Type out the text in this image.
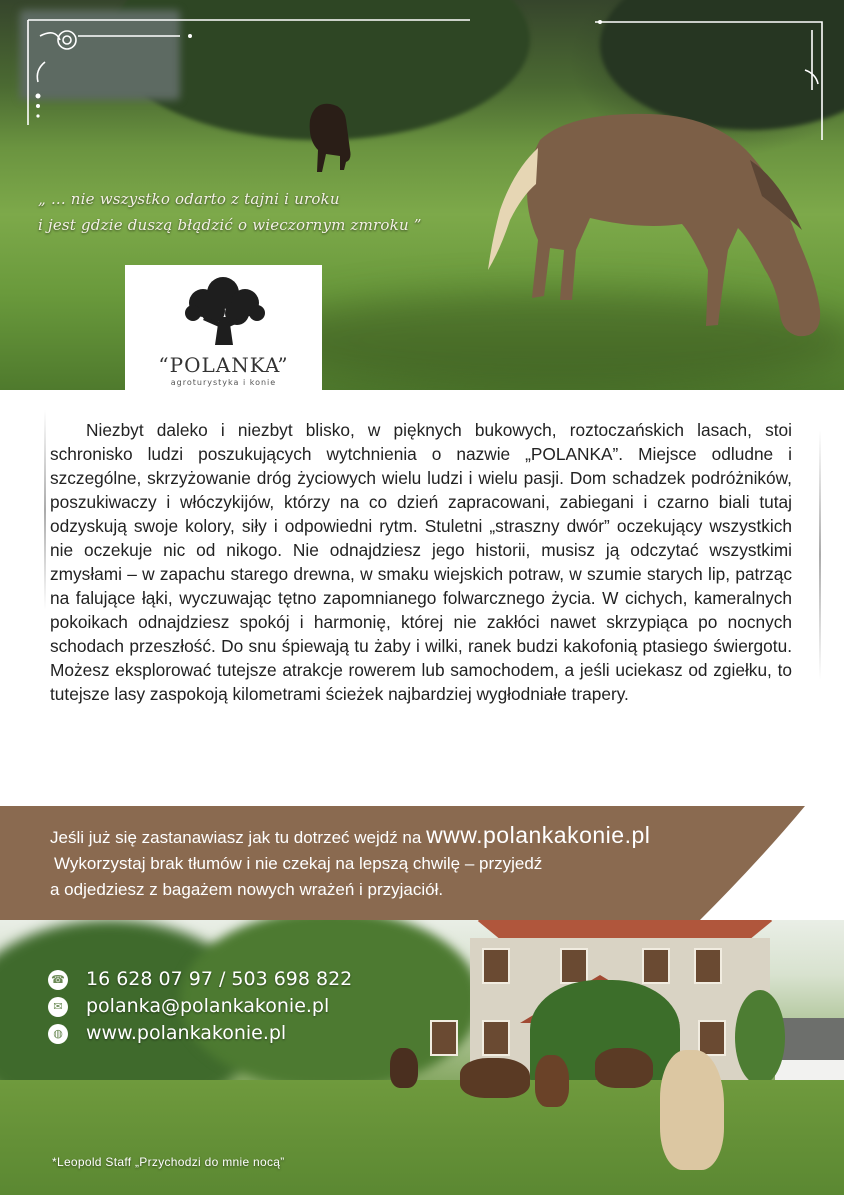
„ ... nie wszystko odarto z tajni i uroku

i jest gdzie duszą błądzić o wieczornym zmroku ”

“POLANKA”
agroturystyka i konie

Niezbyt daleko i niezbyt blisko, w pięknych bukowych, roztoczańskich lasach, stoi schronisko ludzi poszukujących wytchnienia o nazwie „POLANKA”. Miejsce odludne i szczególne, skrzyżowanie dróg życiowych wielu ludzi i wielu pasji. Dom schadzek podróżników, poszukiwaczy i włóczykijów, którzy na co dzień zapracowani, zabiegani i czarno biali tutaj odzyskują swoje kolory, siły i odpowiedni rytm. Stuletni „straszny dwór” oczekujący wszystkich nie oczekuje nic od nikogo. Nie odnajdziesz jego historii, musisz ją odczytać wszystkimi zmysłami – w zapachu starego drewna, w smaku wiejskich potraw, w szumie starych lip, patrząc na falujące łąki, wyczuwając tętno zapomnianego folwarcznego życia. W cichych, kameralnych pokoikach odnajdziesz spokój i harmonię, której nie zakłóci nawet skrzypiąca po nocnych schodach przeszłość. Do snu śpiewają tu żaby i wilki, ranek budzi kakofonią ptasiego świergotu. Możesz eksplorować tutejsze atrakcje rowerem lub samochodem, a jeśli uciekasz od zgiełku, to tutejsze lasy zaspokoją kilometrami ścieżek najbardziej wygłodniałe trapery.

Jeśli już się zastanawiasz jak tu dotrzeć wejdź na www.polankakonie.pl
Wykorzystaj brak tłumów i nie czekaj na lepszą chwilę – przyjedź
a odjedziesz z bagażem nowych wrażeń i przyjaciół.
☎ 16 628 07 97 / 503 698 822
✉ polanka@polankakonie.pl
◍ www.polankakonie.pl
*Leopold Staff „Przychodzi do mnie nocą”
